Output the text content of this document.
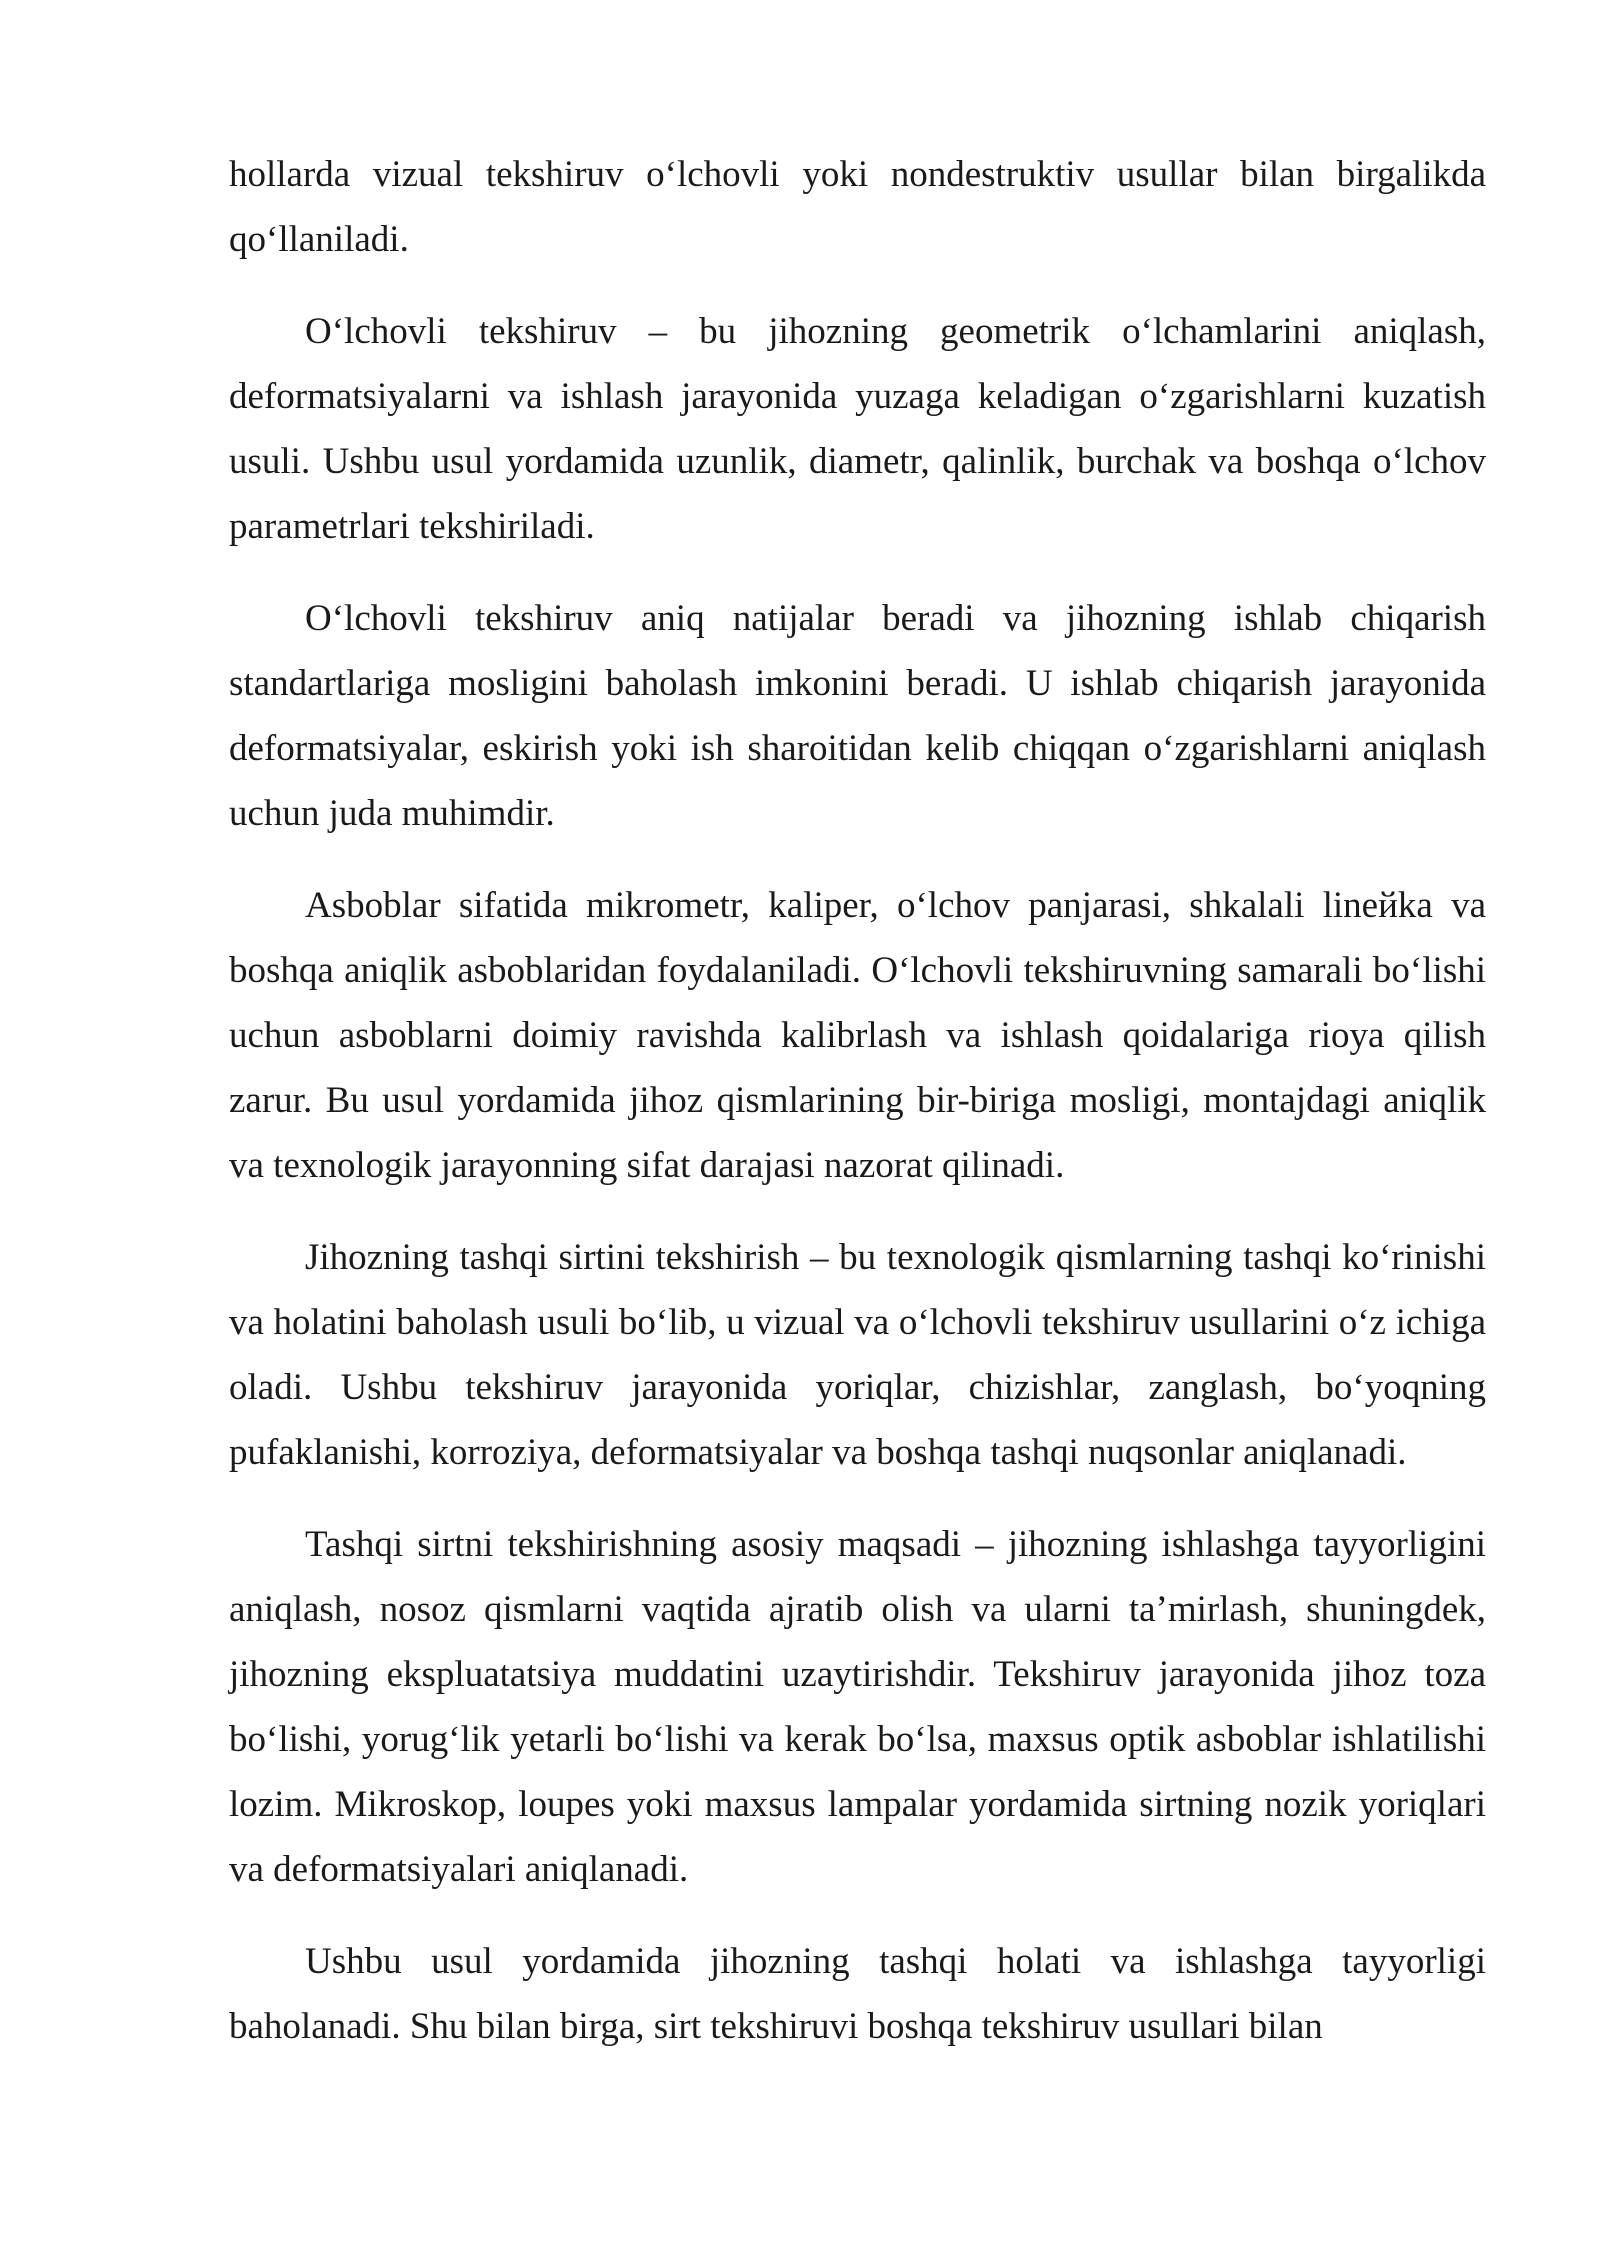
hollarda vizual tekshiruv oʻlchovli yoki nondestruktiv usullar bilan birgalikda qoʻllaniladi.

Oʻlchovli tekshiruv – bu jihozning geometrik oʻlchamlarini aniqlash, deformatsiyalarni va ishlash jarayonida yuzaga keladigan oʻzgarishlarni kuzatish usuli. Ushbu usul yordamida uzunlik, diametr, qalinlik, burchak va boshqa oʻlchov parametrlari tekshiriladi.

Oʻlchovli tekshiruv aniq natijalar beradi va jihozning ishlab chiqarish standartlariga mosligini baholash imkonini beradi. U ishlab chiqarish jarayonida deformatsiyalar, eskirish yoki ish sharoitidan kelib chiqqan oʻzgarishlarni aniqlash uchun juda muhimdir.

Asboblar sifatida mikrometr, kaliper, oʻlchov panjarasi, shkalali lineйka va boshqa aniqlik asboblaridan foydalaniladi. Oʻlchovli tekshiruvning samarali boʻlishi uchun asboblarni doimiy ravishda kalibrlash va ishlash qoidalariga rioya qilish zarur. Bu usul yordamida jihoz qismlarining bir-biriga mosligi, montajdagi aniqlik va texnologik jarayonning sifat darajasi nazorat qilinadi.

Jihozning tashqi sirtini tekshirish – bu texnologik qismlarning tashqi koʻrinishi va holatini baholash usuli boʻlib, u vizual va oʻlchovli tekshiruv usullarini oʻz ichiga oladi. Ushbu tekshiruv jarayonida yoriqlar, chizishlar, zanglash, boʻyoqning pufaklanishi, korroziya, deformatsiyalar va boshqa tashqi nuqsonlar aniqlanadi.

Tashqi sirtni tekshirishning asosiy maqsadi – jihozning ishlashga tayyorligini aniqlash, nosoz qismlarni vaqtida ajratib olish va ularni ta’mirlash, shuningdek, jihozning ekspluatatsiya muddatini uzaytirishdir. Tekshiruv jarayonida jihoz toza boʻlishi, yorugʻlik yetarli boʻlishi va kerak boʻlsa, maxsus optik asboblar ishlatilishi lozim. Mikroskop, loupes yoki maxsus lampalar yordamida sirtning nozik yoriqlari va deformatsiyalari aniqlanadi.

Ushbu usul yordamida jihozning tashqi holati va ishlashga tayyorligi baholanadi. Shu bilan birga, sirt tekshiruvi boshqa tekshiruv usullari bilan
